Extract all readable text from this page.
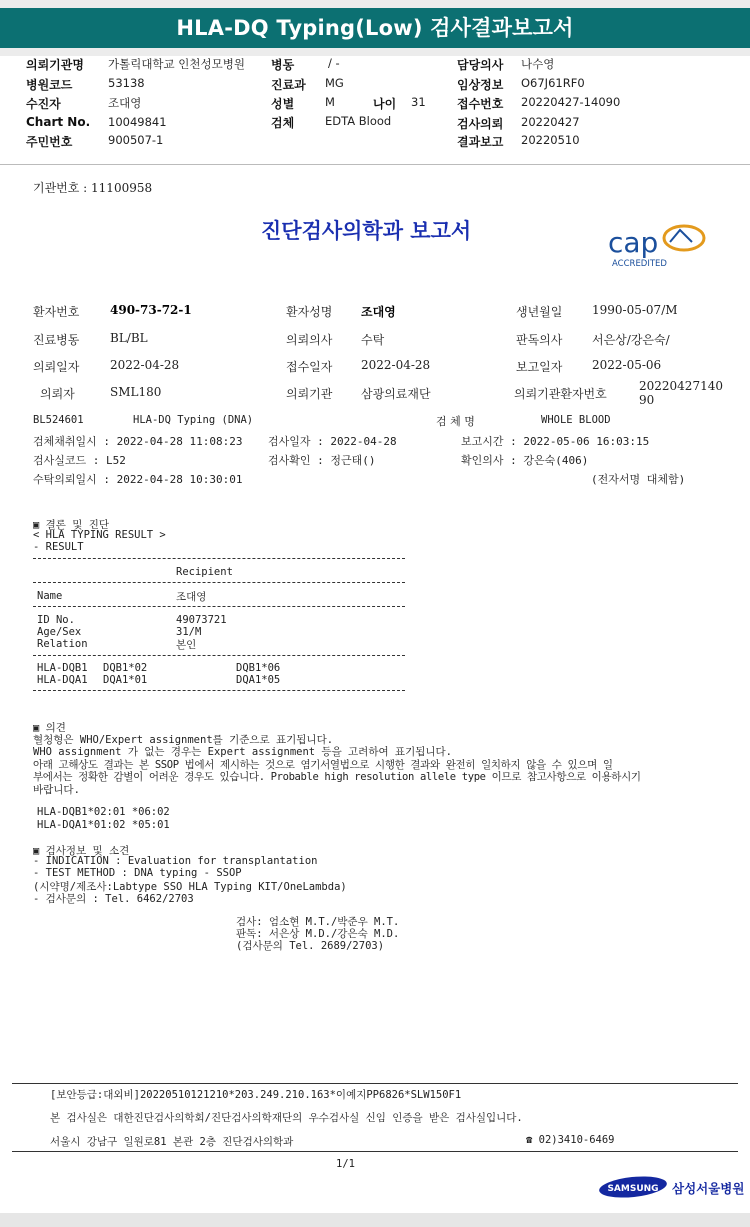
HLA-DQ Typing(Low) 검사결과보고서
의뢰기관명 가톨릭대학교 인천성모병원 병동	/ -	담당의사 나수영
병원코드	53138	진료과 MG	임상정보 O67J61RF0
수진자	조대영	성별	M	나이 31	접수번호 20220427-14090
Chart No. 10049841	검체	EDTA Blood	검사의뢰 20220427
주민번호	900507-1	결과보고 20220510
기관번호 : 11100958
진단검사의학과 보고서	cap
ACCREDITED
환자번호	490-73-72-1	환자성명 조대영	생년월일 1990-05-07/M
진료병동	BL/BL	의뢰의사 수탁	판독의사 서은상/강은숙/
의뢰일자	2022-04-28	접수일자 2022-04-28	보고일자 2022-05-06
의뢰자	SML180	의뢰기관 삼광의료재단	의뢰기관환자번호
2022042714090
BL524601	HLA-DQ Typing (DNA)	검 체 명	WHOLE BLOOD
검체채취일시 : 2022-04-28 11:08:23 검사일자 : 2022-04-28	보고시간 : 2022-05-06 16:03:15
검사실코드 : L52	검사확인 : 정근태()	확인의사 : 강은숙(406)
수탁의뢰일시 : 2022-04-28 10:30:01	(전자서명 대체함)
▣ 결론 및 진단
< HLA TYPING RESULT >
- RESULT
Recipient
Name	조대영
ID No.	49073721
Age/Sex	31/M
Relation	본인
HLA-DQB1 DQB1*02	DQB1*06
HLA-DQA1 DQA1*01	DQA1*05
▣ 의견
혈청형은 WHO/Expert assignment를 기준으로 표기됩니다.
WHO assignment 가 없는 경우는 Expert assignment 등을 고려하여 표기됩니다.
아래 고해상도 결과는 본 SSOP 법에서 제시하는 것으로 염기서열법으로 시행한 결과와 완전히 일치하지 않을 수 있으며 일
부에서는 정확한 감별이 어려운 경우도 있습니다. Probable high resolution allele type 이므로 참고사항으로 이용하시기
바랍니다.
HLA-DQB1*02:01 *06:02
HLA-DQA1*01:02 *05:01
▣ 검사정보 및 소견
- INDICATION : Evaluation for transplantation
- TEST METHOD : DNA typing - SSOP
(시약명/제조사:Labtype SSO HLA Typing KIT/OneLambda)
- 검사문의 : Tel. 6462/2703
검사: 엄소현 M.T./박준우 M.T.
판독: 서은상 M.D./강은숙 M.D.
(검사문의 Tel. 2689/2703)
[보안등급:대외비]20220510121210*203.249.210.163*이예지PP6826*SLW150F1
본 검사실은 대한진단검사의학회/진단검사의학재단의 우수검사실 신임 인증을 받은 검사실입니다.
서울시 강남구 일원로81 본관 2층 진단검사의학과	☎ 02)3410-6469
1/1
SAMSUNG 삼성서울병원
